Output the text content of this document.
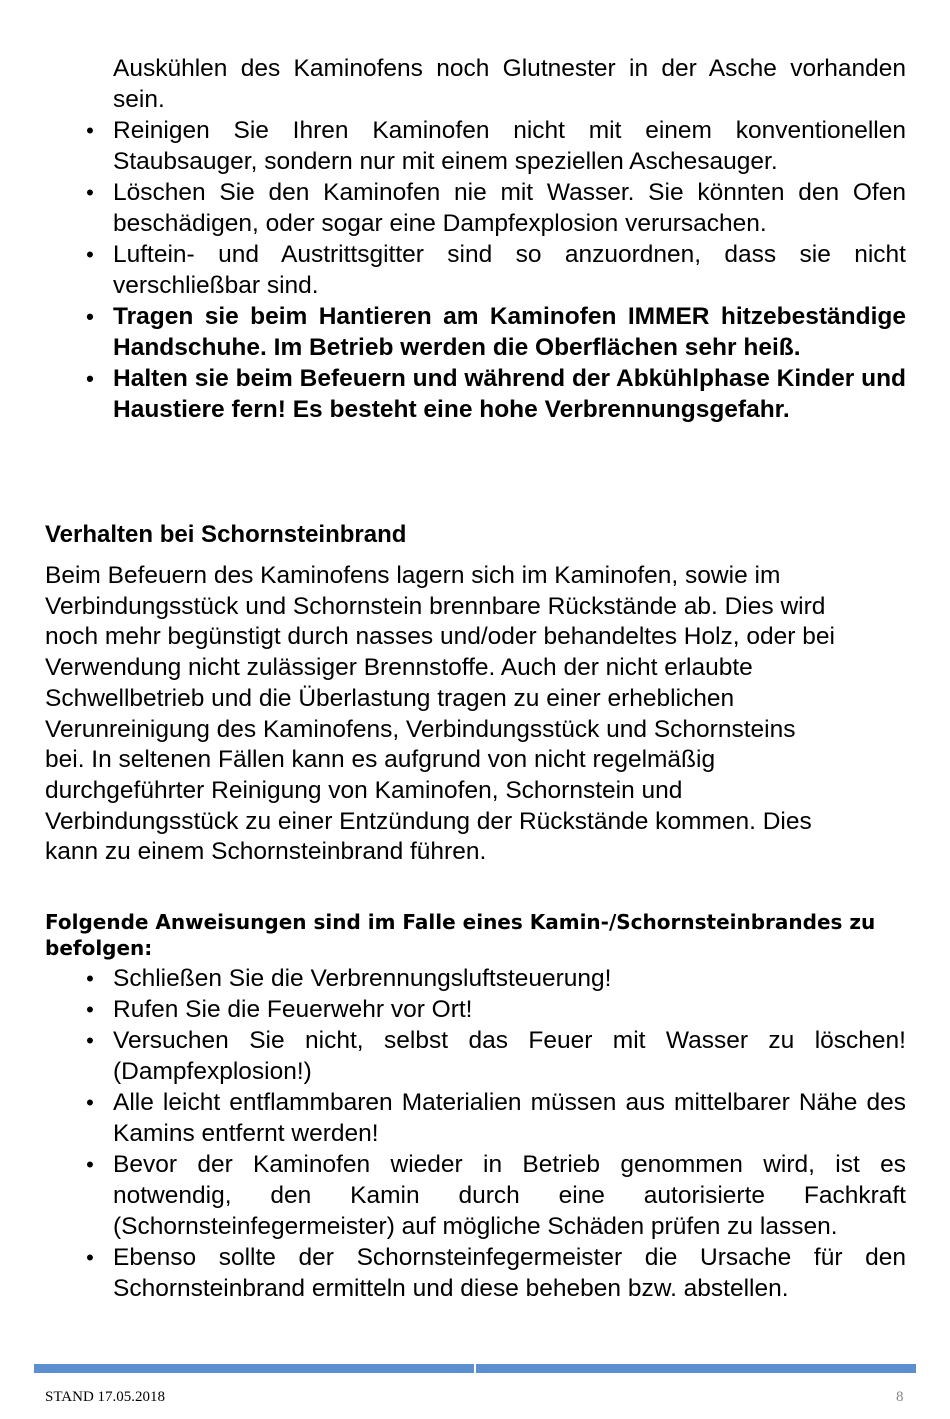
Auskühlen des Kaminofens noch Glutnester in der Asche vorhanden sein.
• Reinigen Sie Ihren Kaminofen nicht mit einem konventionellen Staubsauger, sondern nur mit einem speziellen Aschesauger.
• Löschen Sie den Kaminofen nie mit Wasser. Sie könnten den Ofen beschädigen, oder sogar eine Dampfexplosion verursachen.
• Luftein- und Austrittsgitter sind so anzuordnen, dass sie nicht verschließbar sind.
• Tragen sie beim Hantieren am Kaminofen IMMER hitzebeständige Handschuhe. Im Betrieb werden die Oberflächen sehr heiß.
• Halten sie beim Befeuern und während der Abkühlphase Kinder und Haustiere fern! Es besteht eine hohe Verbrennungsgefahr.
Verhalten bei Schornsteinbrand
Beim Befeuern des Kaminofens lagern sich im Kaminofen, sowie im
Verbindungsstück und Schornstein brennbare Rückstände ab. Dies wird
noch mehr begünstigt durch nasses und/oder behandeltes Holz, oder bei
Verwendung nicht zulässiger Brennstoffe. Auch der nicht erlaubte
Schwellbetrieb und die Überlastung tragen zu einer erheblichen
Verunreinigung des Kaminofens, Verbindungsstück und Schornsteins
bei. In seltenen Fällen kann es aufgrund von nicht regelmäßig
durchgeführter Reinigung von Kaminofen, Schornstein und
Verbindungsstück zu einer Entzündung der Rückstände kommen. Dies
kann zu einem Schornsteinbrand führen.
Folgende Anweisungen sind im Falle eines Kamin-/Schornsteinbrandes zu befolgen:
• Schließen Sie die Verbrennungsluftsteuerung!
• Rufen Sie die Feuerwehr vor Ort!
• Versuchen Sie nicht, selbst das Feuer mit Wasser zu löschen! (Dampfexplosion!)
• Alle leicht entflammbaren Materialien müssen aus mittelbarer Nähe des Kamins entfernt werden!
• Bevor der Kaminofen wieder in Betrieb genommen wird, ist es notwendig, den Kamin durch eine autorisierte Fachkraft (Schornsteinfegermeister) auf mögliche Schäden prüfen zu lassen.
• Ebenso sollte der Schornsteinfegermeister die Ursache für den Schornsteinbrand ermitteln und diese beheben bzw. abstellen.
STAND 17.05.2018	8
